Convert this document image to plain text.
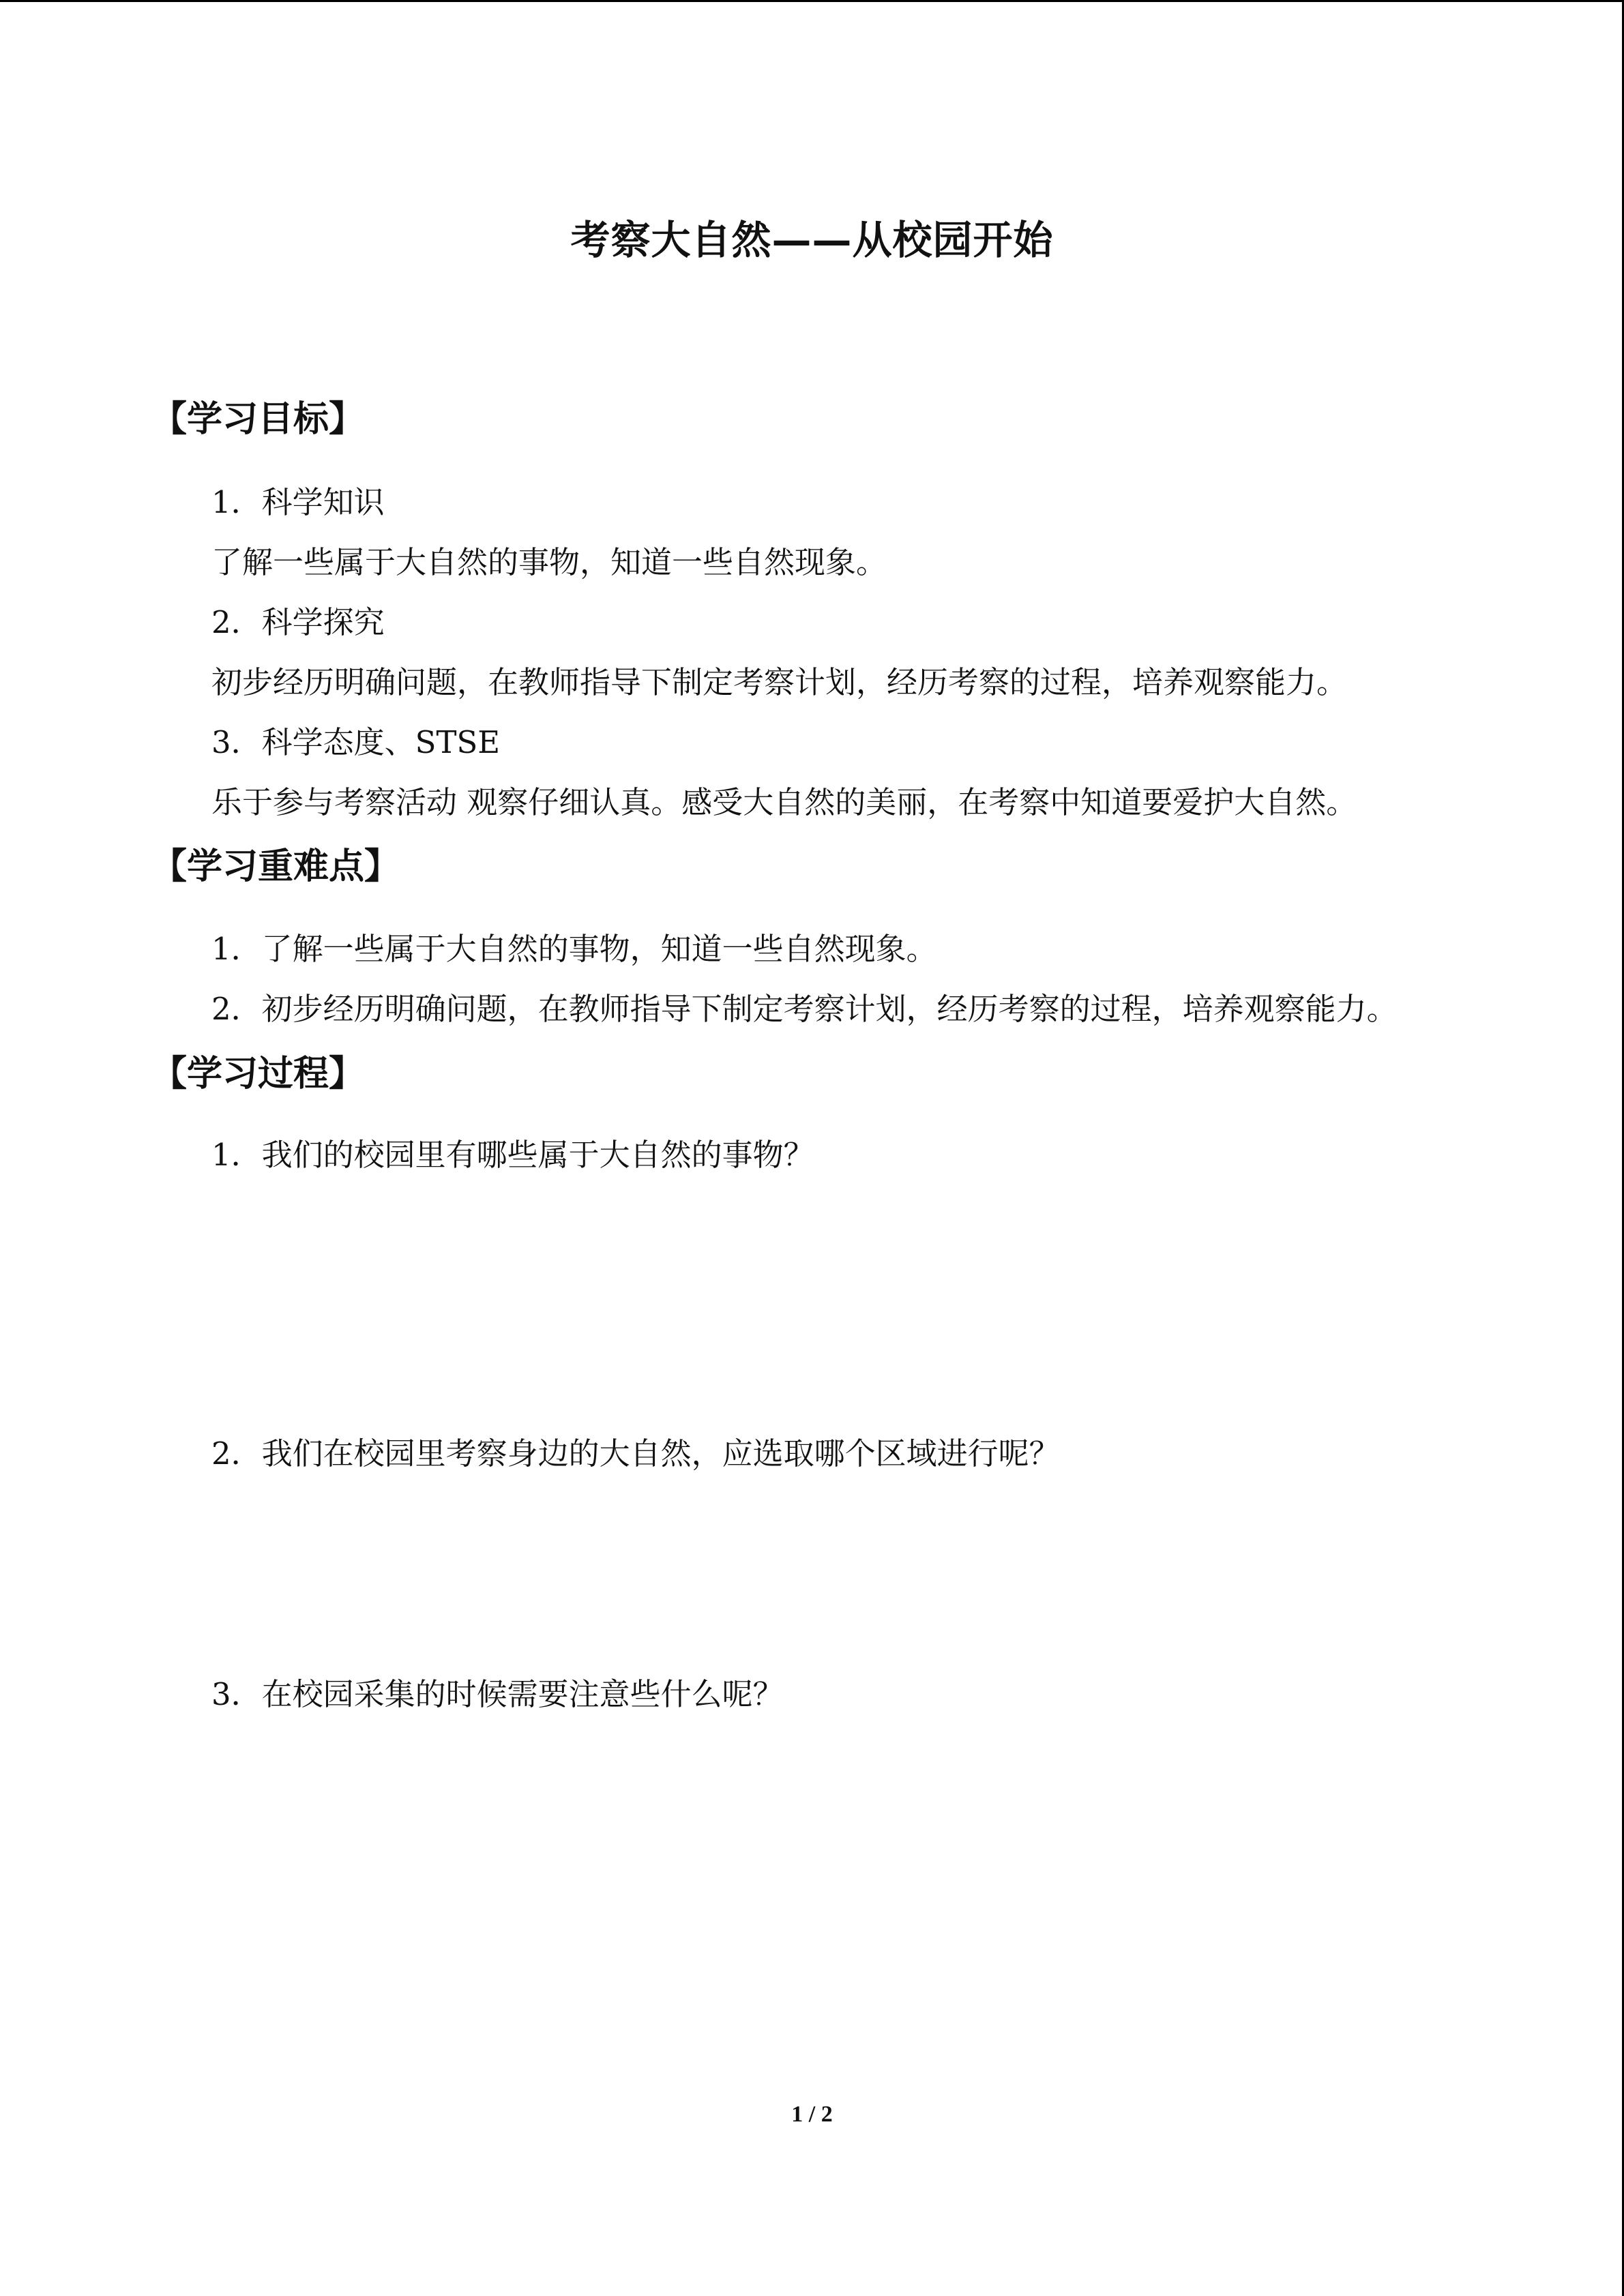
考察大自然——从校园开始
【学习目标】
1．科学知识
了解一些属于大自然的事物，知道一些自然现象。
2．科学探究
初步经历明确问题，在教师指导下制定考察计划，经历考察的过程，培养观察能力。
3．科学态度、STSE
乐于参与考察活动 观察仔细认真。感受大自然的美丽，在考察中知道要爱护大自然。
【学习重难点】
1．了解一些属于大自然的事物，知道一些自然现象。
2．初步经历明确问题，在教师指导下制定考察计划，经历考察的过程，培养观察能力。
【学习过程】
1．我们的校园里有哪些属于大自然的事物？
2．我们在校园里考察身边的大自然，应选取哪个区域进行呢？
3．在校园采集的时候需要注意些什么呢？
1 / 2
